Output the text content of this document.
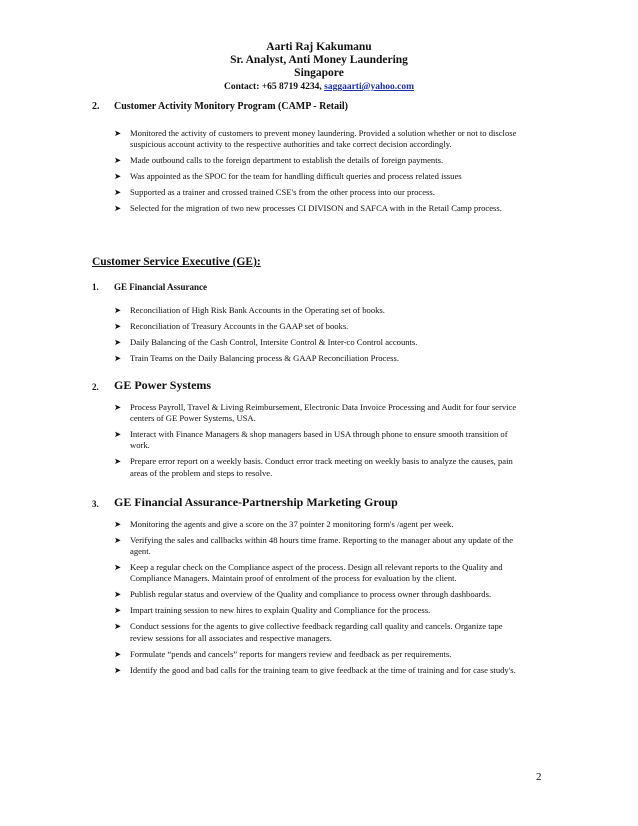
Aarti Raj Kakumanu
Sr. Analyst, Anti Money Laundering
Singapore
Contact: +65 8719 4234, saggaarti@yahoo.com
2. Customer Activity Monitory Program (CAMP - Retail)
➤ Monitored the activity of customers to prevent money laundering. Provided a solution whether or not to disclose suspicious account activity to the respective authorities and take correct decision accordingly.
➤ Made outbound calls to the foreign department to establish the details of foreign payments.
➤ Was appointed as the SPOC for the team for handling difficult queries and process related issues
➤ Supported as a trainer and crossed trained CSE's from the other process into our process.
➤ Selected for the migration of two new processes CI DIVISON and SAFCA with in the Retail Camp process.
Customer Service Executive (GE):
1. GE Financial Assurance
➤ Reconciliation of High Risk Bank Accounts in the Operating set of books.
➤ Reconciliation of Treasury Accounts in the GAAP set of books.
➤ Daily Balancing of the Cash Control, Intersite Control & Inter-co Control accounts.
➤ Train Teams on the Daily Balancing process & GAAP Reconciliation Process.
2. GE Power Systems
➤ Process Payroll, Travel & Living Reimbursement, Electronic Data Invoice Processing and Audit for four service centers of GE Power Systems, USA.
➤ Interact with Finance Managers & shop managers based in USA through phone to ensure smooth transition of work.
➤ Prepare error report on a weekly basis. Conduct error track meeting on weekly basis to analyze the causes, pain areas of the problem and steps to resolve.
3. GE Financial Assurance-Partnership Marketing Group
➤ Monitoring the agents and give a score on the 37 pointer 2 monitoring form's /agent per week.
➤ Verifying the sales and callbacks within 48 hours time frame. Reporting to the manager about any update of the agent.
➤ Keep a regular check on the Compliance aspect of the process. Design all relevant reports to the Quality and Compliance Managers. Maintain proof of enrolment of the process for evaluation by the client.
➤ Publish regular status and overview of the Quality and compliance to process owner through dashboards.
➤ Impart training session to new hires to explain Quality and Compliance for the process.
➤ Conduct sessions for the agents to give collective feedback regarding call quality and cancels. Organize tape review sessions for all associates and respective managers.
➤ Formulate “pends and cancels” reports for mangers review and feedback as per requirements.
➤ Identify the good and bad calls for the training team to give feedback at the time of training and for case study's.
2
